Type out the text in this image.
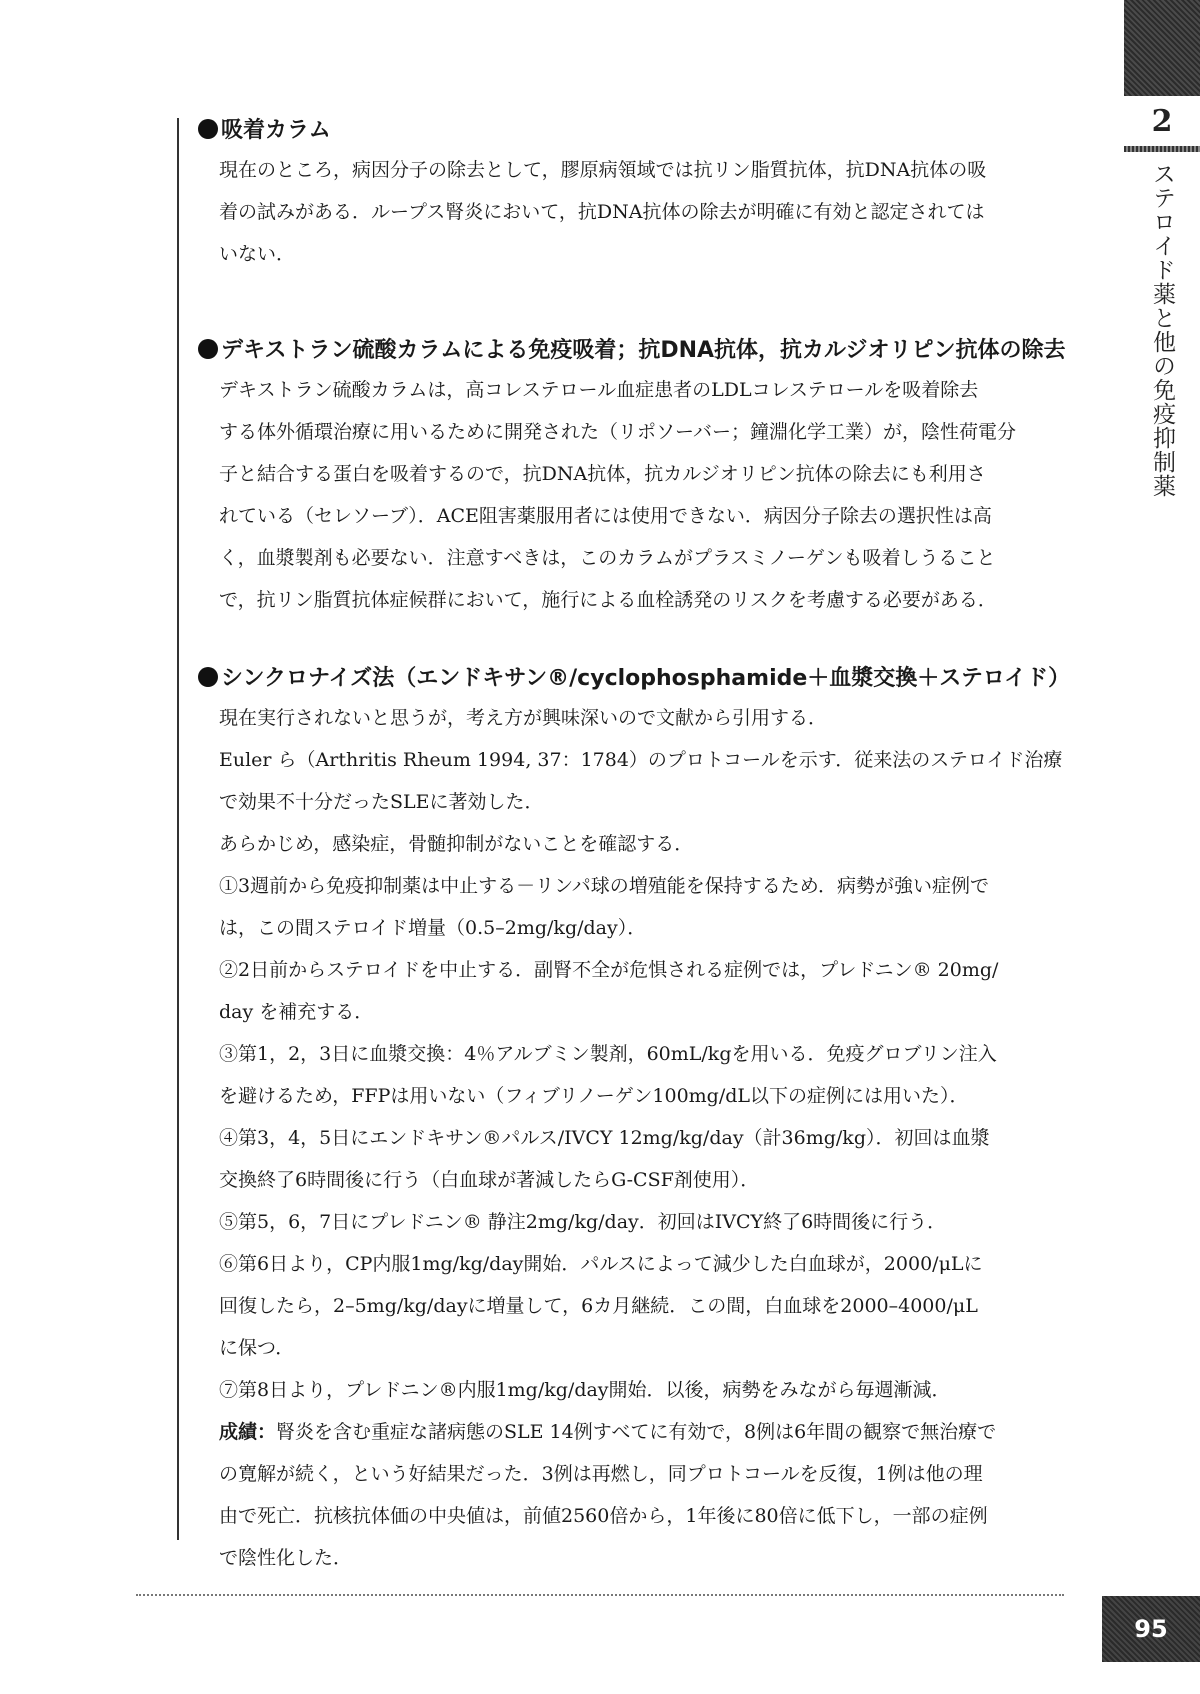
2
ステロイド薬と他の免疫抑制薬
吸着カラム
現在のところ，病因分子の除去として，膠原病領域では抗リン脂質抗体，抗DNA抗体の吸
着の試みがある．ループス腎炎において，抗DNA抗体の除去が明確に有効と認定されては
いない．
デキストラン硫酸カラムによる免疫吸着；抗DNA抗体，抗カルジオリピン抗体の除去
デキストラン硫酸カラムは，高コレステロール血症患者のLDLコレステロールを吸着除去
する体外循環治療に用いるために開発された（リポソーバー；鐘淵化学工業）が，陰性荷電分
子と結合する蛋白を吸着するので，抗DNA抗体，抗カルジオリピン抗体の除去にも利用さ
れている（セレソーブ）．ACE阻害薬服用者には使用できない．病因分子除去の選択性は高
く，血漿製剤も必要ない．注意すべきは，このカラムがプラスミノーゲンも吸着しうること
で，抗リン脂質抗体症候群において，施行による血栓誘発のリスクを考慮する必要がある．
シンクロナイズ法（エンドキサン®/cyclophosphamide＋血漿交換＋ステロイド）
現在実行されないと思うが，考え方が興味深いので文献から引用する．
Euler ら（Arthritis Rheum 1994, 37：1784）のプロトコールを示す．従来法のステロイド治療
で効果不十分だったSLEに著効した．
あらかじめ，感染症，骨髄抑制がないことを確認する．
①3週前から免疫抑制薬は中止する－リンパ球の増殖能を保持するため．病勢が強い症例で
は，この間ステロイド増量（0.5–2mg/kg/day）．
②2日前からステロイドを中止する．副腎不全が危惧される症例では，プレドニン® 20mg/
day を補充する．
③第1，2，3日に血漿交換：4％アルブミン製剤，60mL/kgを用いる．免疫グロブリン注入
を避けるため，FFPは用いない（フィブリノーゲン100mg/dL以下の症例には用いた）．
④第3，4，5日にエンドキサン®パルス/IVCY 12mg/kg/day（計36mg/kg）．初回は血漿
交換終了6時間後に行う（白血球が著減したらG-CSF剤使用）．
⑤第5，6，7日にプレドニン® 静注2mg/kg/day．初回はIVCY終了6時間後に行う．
⑥第6日より，CP内服1mg/kg/day開始．パルスによって減少した白血球が，2000/μLに
回復したら，2–5mg/kg/dayに増量して，6カ月継続．この間，白血球を2000–4000/μL
に保つ．
⑦第8日より，プレドニン®内服1mg/kg/day開始．以後，病勢をみながら毎週漸減．
成績：腎炎を含む重症な諸病態のSLE 14例すべてに有効で，8例は6年間の観察で無治療で
の寛解が続く，という好結果だった．3例は再燃し，同プロトコールを反復，1例は他の理
由で死亡．抗核抗体価の中央値は，前値2560倍から，1年後に80倍に低下し，一部の症例
で陰性化した．
95
